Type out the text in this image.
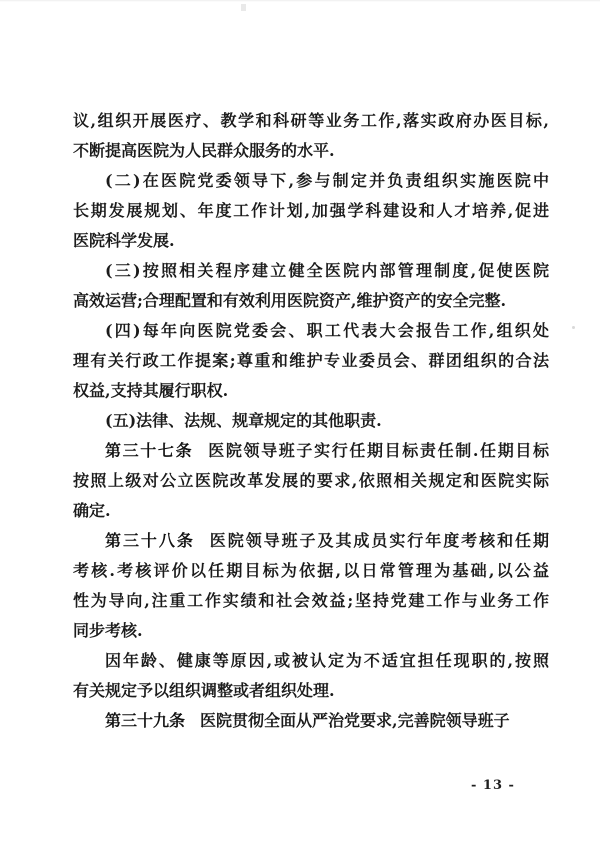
议,组织开展医疗、教学和科研等业务工作,落实政府办医目标,
不断提高医院为人民群众服务的水平.
(二)在医院党委领导下,参与制定并负责组织实施医院中
长期发展规划、年度工作计划,加强学科建设和人才培养,促进
医院科学发展.
(三)按照相关程序建立健全医院内部管理制度,促使医院
高效运营;合理配置和有效利用医院资产,维护资产的安全完整.
(四)每年向医院党委会、职工代表大会报告工作,组织处
理有关行政工作提案;尊重和维护专业委员会、群团组织的合法
权益,支持其履行职权.
(五)法律、法规、规章规定的其他职责.
第三十七条 医院领导班子实行任期目标责任制.任期目标
按照上级对公立医院改革发展的要求,依照相关规定和医院实际
确定.
第三十八条 医院领导班子及其成员实行年度考核和任期
考核.考核评价以任期目标为依据,以日常管理为基础,以公益
性为导向,注重工作实绩和社会效益;坚持党建工作与业务工作
同步考核.
因年龄、健康等原因,或被认定为不适宜担任现职的,按照
有关规定予以组织调整或者组织处理.
第三十九条 医院贯彻全面从严治党要求,完善院领导班子
- 13 -
